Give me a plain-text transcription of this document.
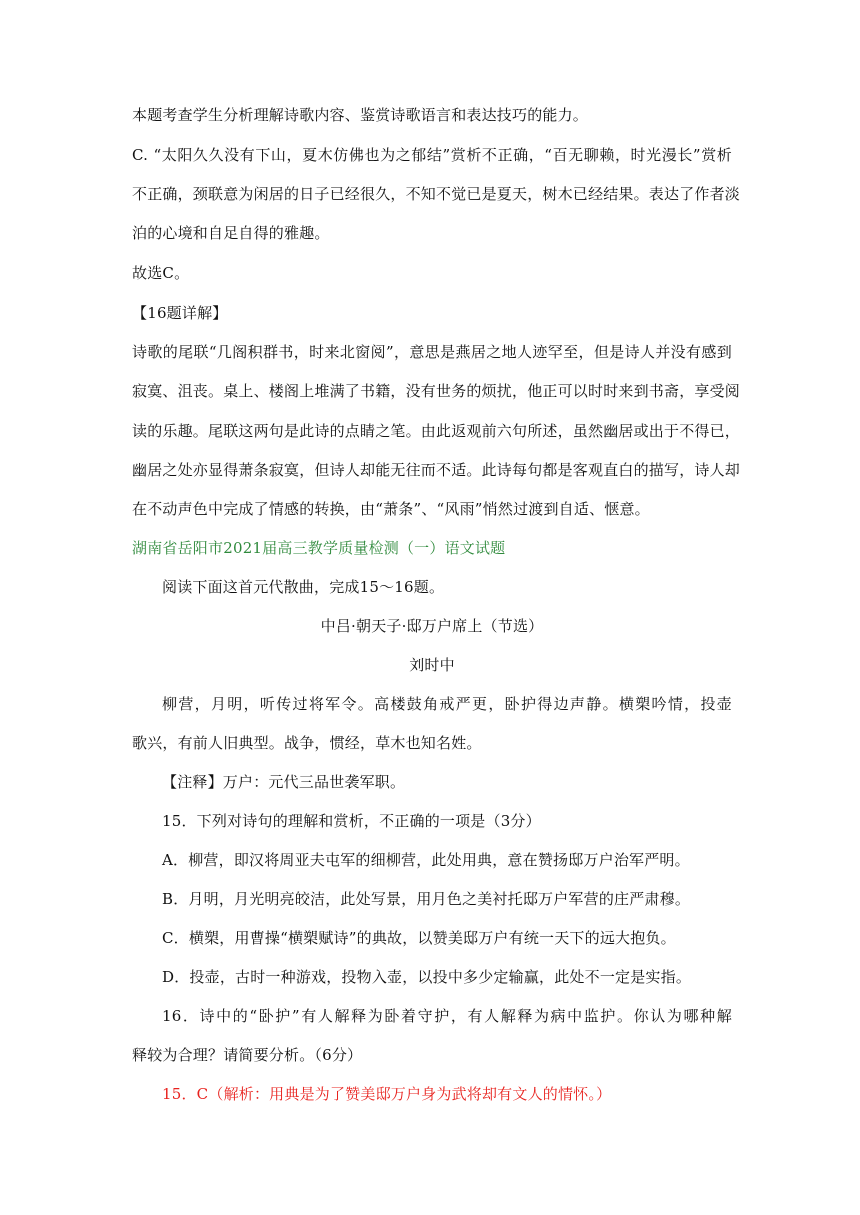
本题考查学生分析理解诗歌内容、鉴赏诗歌语言和表达技巧的能力。
C. “太阳久久没有下山，夏木仿佛也为之郁结”赏析不正确，“百无聊赖，时光漫长”赏析
不正确，颈联意为闲居的日子已经很久，不知不觉已是夏天，树木已经结果。表达了作者淡
泊的心境和自足自得的雅趣。
故选C。
【16题详解】
诗歌的尾联“几阁积群书，时来北窗阅”，意思是燕居之地人迹罕至，但是诗人并没有感到
寂寞、沮丧。桌上、楼阁上堆满了书籍，没有世务的烦扰，他正可以时时来到书斋，享受阅
读的乐趣。尾联这两句是此诗的点睛之笔。由此返观前六句所述，虽然幽居或出于不得已，
幽居之处亦显得萧条寂寞，但诗人却能无往而不适。此诗每句都是客观直白的描写，诗人却
在不动声色中完成了情感的转换，由“萧条”、“风雨”悄然过渡到自适、惬意。
湖南省岳阳市2021届高三教学质量检测（一）语文试题
阅读下面这首元代散曲，完成15～16题。
中吕·朝天子·邸万户席上（节选）
刘时中
柳营，月明，听传过将军令。高楼鼓角戒严更，卧护得边声静。横槊吟情，投壶
歌兴，有前人旧典型。战争，惯经，草木也知名姓。
【注释】万户：元代三品世袭军职。
15．下列对诗句的理解和赏析，不正确的一项是（3分）
A．柳营，即汉将周亚夫屯军的细柳营，此处用典，意在赞扬邸万户治军严明。
B．月明，月光明亮皎洁，此处写景，用月色之美衬托邸万户军营的庄严肃穆。
C．横槊，用曹操“横槊赋诗”的典故，以赞美邸万户有统一天下的远大抱负。
D．投壶，古时一种游戏，投物入壶，以投中多少定输赢，此处不一定是实指。
16．诗中的“卧护”有人解释为卧着守护，有人解释为病中监护。你认为哪种解
释较为合理？请简要分析。（6分）
15．C（解析：用典是为了赞美邸万户身为武将却有文人的情怀。）
